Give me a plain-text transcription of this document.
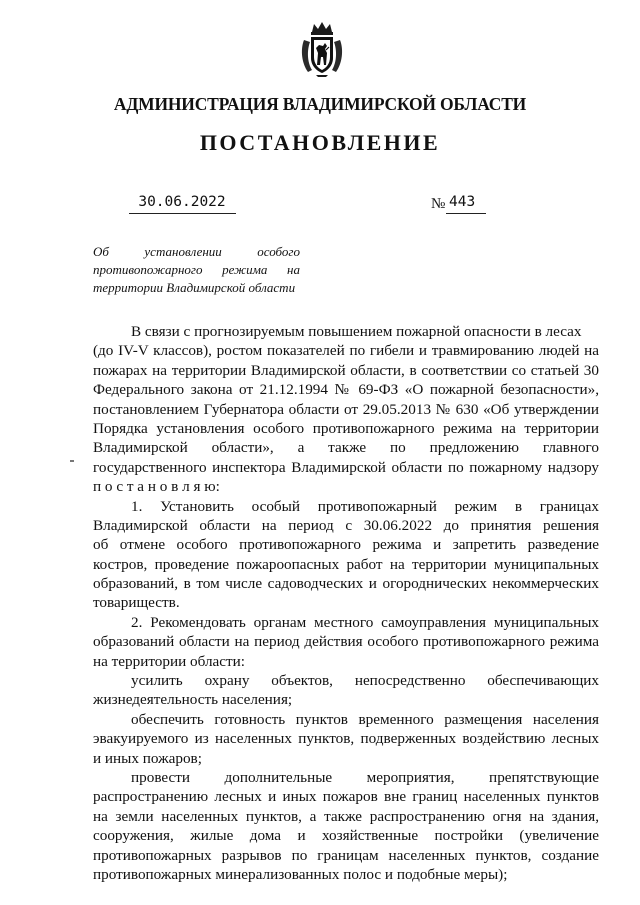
АДМИНИСТРАЦИЯ ВЛАДИМИРСКОЙ ОБЛАСТИ
ПОСТАНОВЛЕНИЕ
30.06.2022	№ 443
Об установлении особого
противопожарного режима на
территории Владимирской области
В связи с прогнозируемым повышением пожарной опасности в лесах
(до IV-V классов), ростом показателей по гибели и травмированию людей на
пожарах на территории Владимирской области, в соответствии со статьей 30
Федерального закона от 21.12.1994 № 69-ФЗ «О пожарной безопасности»,
постановлением Губернатора области от 29.05.2013 № 630 «Об утверждении
Порядка установления особого противопожарного режима на территории
Владимирской области», а также по предложению главного
государственного инспектора Владимирской области по пожарному надзору
п о с т а н о в л я ю:
1. Установить особый противопожарный режим в границах
Владимирской области на период с 30.06.2022 до принятия решения
об отмене особого противопожарного режима и запретить разведение
костров, проведение пожароопасных работ на территории муниципальных
образований, в том числе садоводческих и огороднических некоммерческих
товариществ.
2. Рекомендовать органам местного самоуправления муниципальных
образований области на период действия особого противопожарного режима
на территории области:
усилить охрану объектов, непосредственно обеспечивающих
жизнедеятельность населения;
обеспечить готовность пунктов временного размещения населения
эвакуируемого из населенных пунктов, подверженных воздействию лесных
и иных пожаров;
провести дополнительные мероприятия, препятствующие
распространению лесных и иных пожаров вне границ населенных пунктов
на земли населенных пунктов, а также распространению огня на здания,
сооружения, жилые дома и хозяйственные постройки (увеличение
противопожарных разрывов по границам населенных пунктов, создание
противопожарных минерализованных полос и подобные меры);
